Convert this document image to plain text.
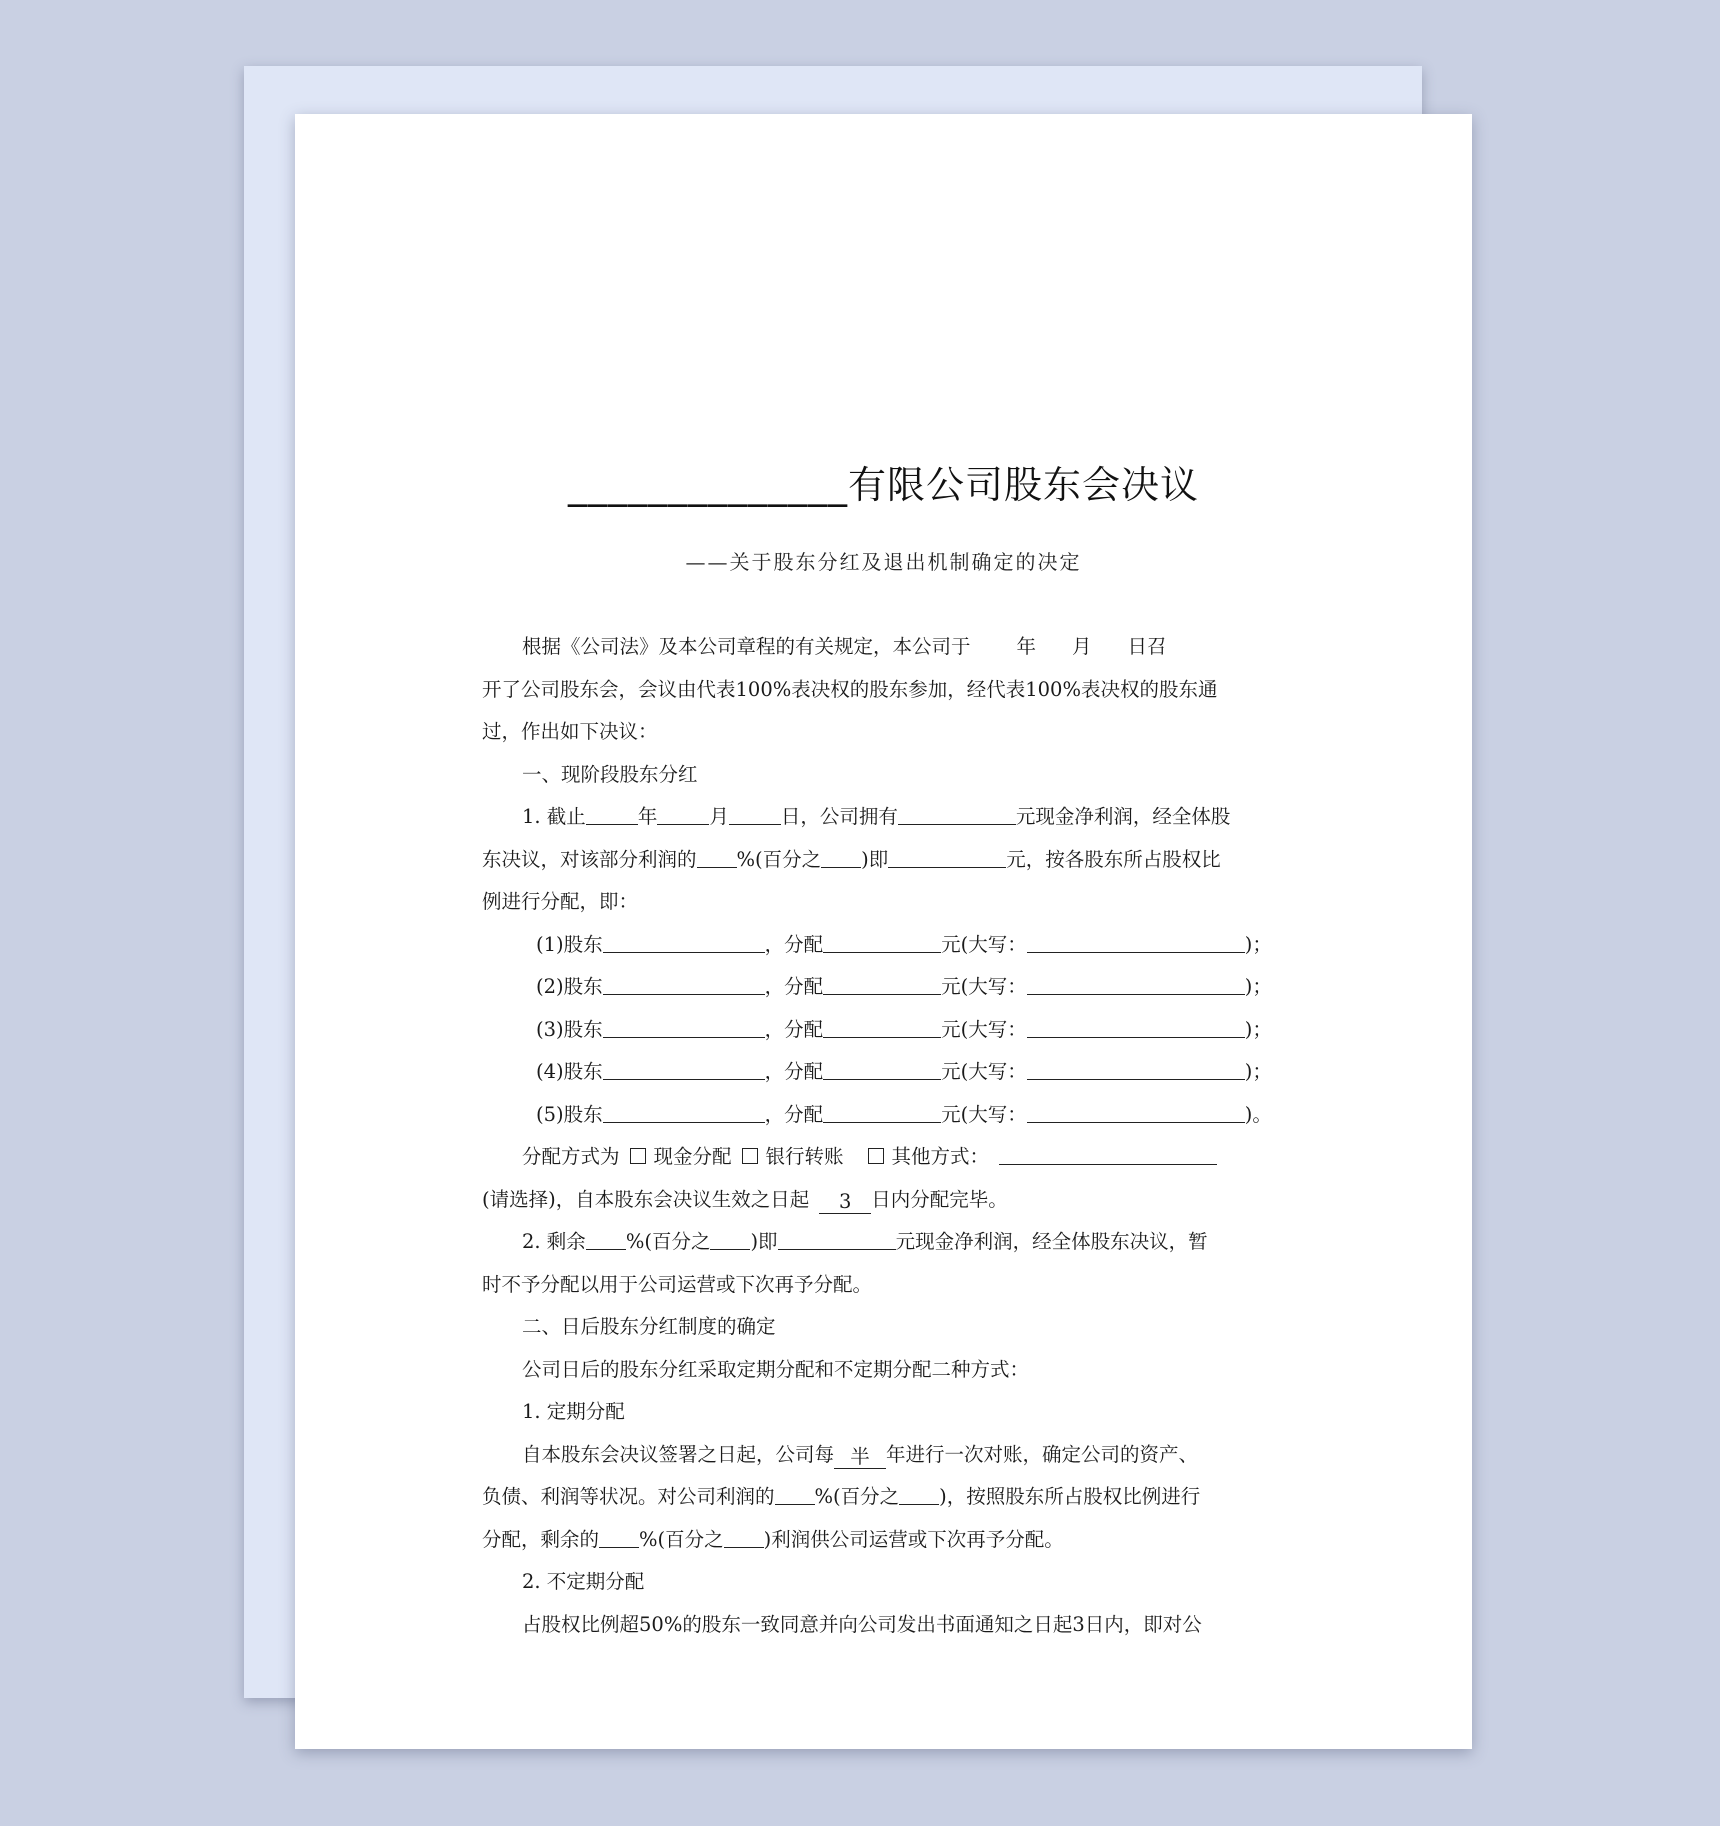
______________有限公司股东会决议
——关于股东分红及退出机制确定的决定
根据《公司法》及本公司章程的有关规定，本公司于 年 月 日召
开了公司股东会，会议由代表100%表决权的股东参加，经代表100%表决权的股东通
过，作出如下决议：
一、现阶段股东分红
1. 截止	年	月	日，公司拥有	元现金净利润，经全体股
东决议，对该部分利润的 %(百分之 )即	元，按各股东所占股权比
例进行分配，即：
(1)股东	，分配	元(大写：	)；
(2)股东	，分配	元(大写：	)；
(3)股东	，分配	元(大写：	)；
(4)股东	，分配	元(大写：	)；
(5)股东	，分配	元(大写：	)。
分配方式为 现金分配 银行转账 其他方式：
(请选择)，自本股东会决议生效之日起 3 日内分配完毕。
2. 剩余 %(百分之 )即	元现金净利润，经全体股东决议，暂
时不予分配以用于公司运营或下次再予分配。
二、日后股东分红制度的确定
公司日后的股东分红采取定期分配和不定期分配二种方式：
1. 定期分配
自本股东会决议签署之日起，公司每 半 年进行一次对账，确定公司的资产、
负债、利润等状况。对公司利润的 %(百分之 )，按照股东所占股权比例进行
分配，剩余的 %(百分之 )利润供公司运营或下次再予分配。
2. 不定期分配
占股权比例超50%的股东一致同意并向公司发出书面通知之日起3日内，即对公
